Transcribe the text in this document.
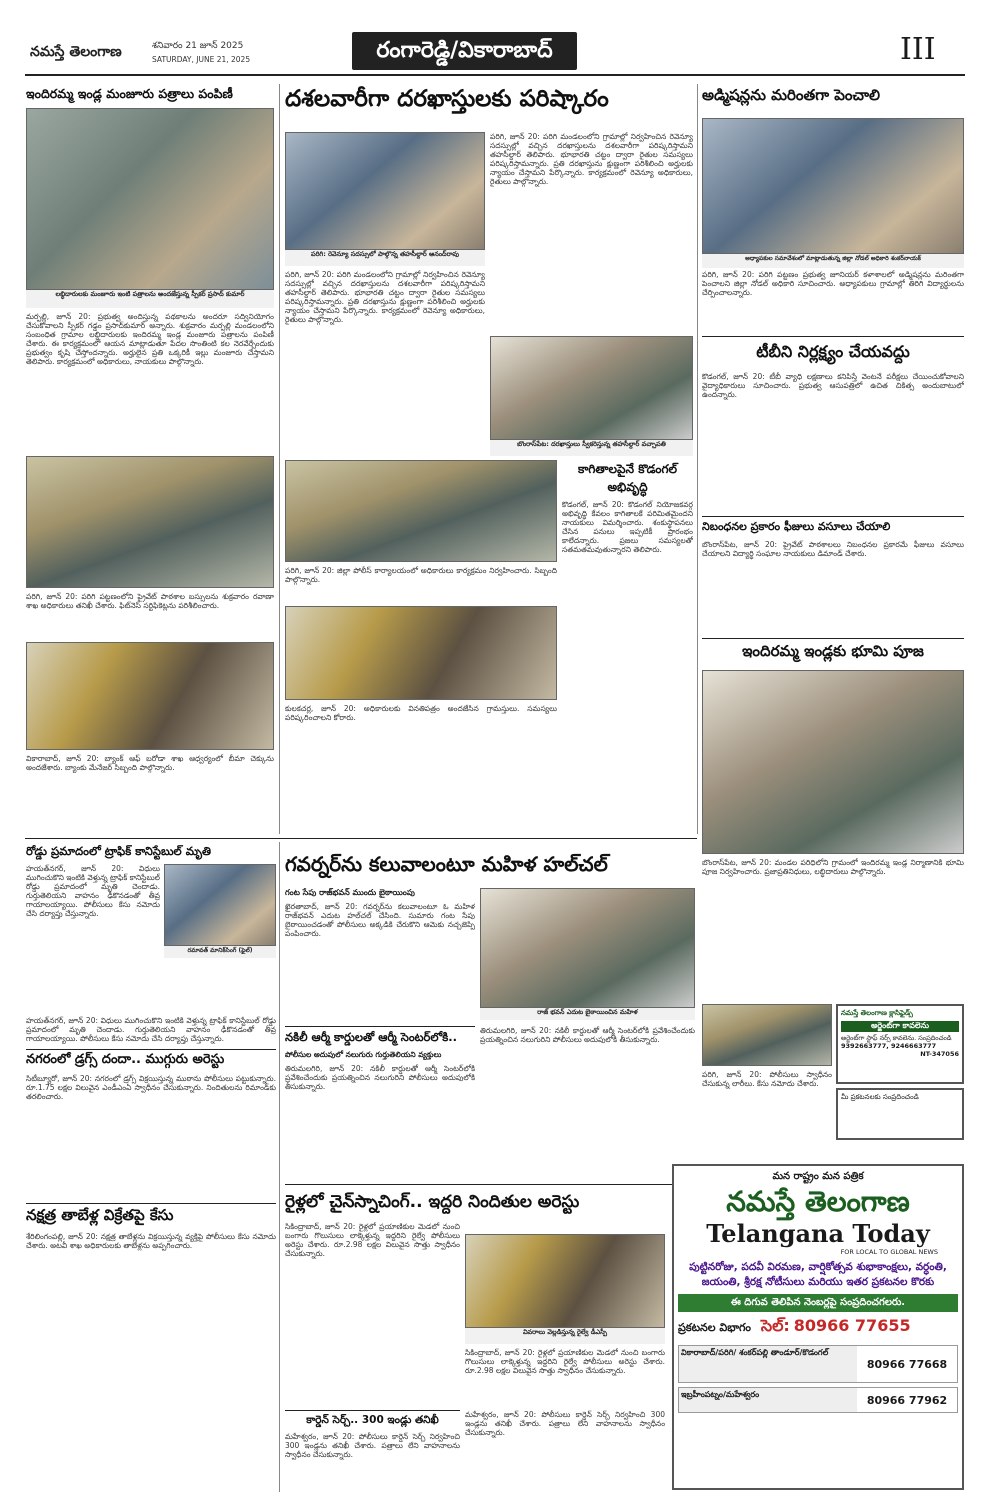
నమస్తే తెలంగాణ	శనివారం 21 జూన్ 2025
SATURDAY, JUNE 21, 2025	రంగారెడ్డి/వికారాబాద్	III
ఇందిరమ్మ ఇండ్ల మంజూరు పత్రాలు పంపిణీ
లబ్ధిదారులకు మంజూరు ఇంటి పత్రాలను అందజేస్తున్న స్పీకర్ ప్రసాద్ కుమార్
మర్పల్లి, జూన్ 20: ప్రభుత్వ అందిస్తున్న పథకాలను అందరూ సద్వినియోగం చేసుకోవాలని స్పీకర్ గడ్డం ప్రసాద్‌కుమార్ అన్నారు. శుక్రవారం మర్పల్లి మండలంలోని సంబంధిత గ్రామాల లబ్ధిదారులకు ఇందిరమ్మ ఇండ్ల మంజూరు పత్రాలను పంపిణీ చేశారు. ఈ కార్యక్రమంలో ఆయన మాట్లాడుతూ పేదల సొంతింటి కల నెరవేర్చేందుకు ప్రభుత్వం కృషి చేస్తోందన్నారు. అర్హులైన ప్రతి ఒక్కరికీ ఇల్లు మంజూరు చేస్తామని తెలిపారు. కార్యక్రమంలో అధికారులు, నాయకులు పాల్గొన్నారు.
పరిగి, జూన్ 20: పరిగి పట్టణంలోని ప్రైవేట్ పాఠశాల బస్సులను శుక్రవారం రవాణా శాఖ అధికారులు తనిఖీ చేశారు. ఫిట్‌నెస్ సర్టిఫికెట్లను పరిశీలించారు.
వికారాబాద్, జూన్ 20: బ్యాంక్ ఆఫ్ బరోడా శాఖ ఆధ్వర్యంలో బీమా చెక్కును అందజేశారు. బ్యాంకు మేనేజర్ సిబ్బంది పాల్గొన్నారు.
దశలవారీగా దరఖాస్తులకు పరిష్కారం
పరిగి: రెవెన్యూ సదస్సులో పాల్గొన్న తహసీల్దార్ ఆనంద్‌రావు
పరిగి, జూన్ 20: పరిగి మండలంలోని గ్రామాల్లో నిర్వహించిన రెవెన్యూ సదస్సుల్లో వచ్చిన దరఖాస్తులను దశలవారీగా పరిష్కరిస్తామని తహసీల్దార్ తెలిపారు. భూభారతి చట్టం ద్వారా రైతుల సమస్యలు పరిష్కరిస్తామన్నారు. ప్రతి దరఖాస్తును క్షుణ్ణంగా పరిశీలించి అర్హులకు న్యాయం చేస్తామని పేర్కొన్నారు. కార్యక్రమంలో రెవెన్యూ అధికారులు, రైతులు పాల్గొన్నారు.
పరిగి, జూన్ 20: పరిగి మండలంలోని గ్రామాల్లో నిర్వహించిన రెవెన్యూ సదస్సుల్లో వచ్చిన దరఖాస్తులను దశలవారీగా పరిష్కరిస్తామని తహసీల్దార్ తెలిపారు. భూభారతి చట్టం ద్వారా రైతుల సమస్యలు పరిష్కరిస్తామన్నారు. ప్రతి దరఖాస్తును క్షుణ్ణంగా పరిశీలించి అర్హులకు న్యాయం చేస్తామని పేర్కొన్నారు. కార్యక్రమంలో రెవెన్యూ అధికారులు, రైతులు పాల్గొన్నారు.
బొంరాస్‌పేట: దరఖాస్తులు స్వీకరిస్తున్న తహసీల్దార్ వచ్చాపతి
పరిగి, జూన్ 20: జిల్లా పోలీస్ కార్యాలయంలో అధికారులు కార్యక్రమం నిర్వహించారు. సిబ్బంది పాల్గొన్నారు.
కులకచర్ల, జూన్ 20: అధికారులకు వినతిపత్రం అందజేసిన గ్రామస్తులు. సమస్యలు పరిష్కరించాలని కోరారు.
కాగితాలపైనే కొడంగల్ అభివృద్ధి
కొడంగల్, జూన్ 20: కొడంగల్ నియోజకవర్గ అభివృద్ధి కేవలం కాగితాలకే పరిమితమైందని నాయకులు విమర్శించారు. శంకుస్థాపనలు చేసిన పనులు ఇప్పటికీ ప్రారంభం కాలేదన్నారు. ప్రజలు సమస్యలతో సతమతమవుతున్నారని తెలిపారు.
అడ్మిషన్లను మరింతగా పెంచాలి
అధ్యాపకుల సమావేశంలో మాట్లాడుతున్న జిల్లా నోడల్ అధికారి శంకర్‌నాయక్
పరిగి, జూన్ 20: పరిగి పట్టణం ప్రభుత్వ జూనియర్ కళాశాలలో అడ్మిషన్లను మరింతగా పెంచాలని జిల్లా నోడల్ అధికారి సూచించారు. అధ్యాపకులు గ్రామాల్లో తిరిగి విద్యార్థులను చేర్పించాలన్నారు.
టీబీని నిర్లక్ష్యం చేయవద్దు
కొడంగల్, జూన్ 20: టీబీ వ్యాధి లక్షణాలు కనిపిస్తే వెంటనే పరీక్షలు చేయించుకోవాలని వైద్యాధికారులు సూచించారు. ప్రభుత్వ ఆసుపత్రిలో ఉచిత చికిత్స అందుబాటులో ఉందన్నారు.
నిబంధనల ప్రకారం ఫీజులు వసూలు చేయాలి
బొంరాస్‌పేట, జూన్ 20: ప్రైవేట్ పాఠశాలలు నిబంధనల ప్రకారమే ఫీజులు వసూలు చేయాలని విద్యార్థి సంఘాల నాయకులు డిమాండ్ చేశారు.
ఇందిరమ్మ ఇండ్లకు భూమి పూజ
బొంరాస్‌పేట, జూన్ 20: మండల పరిధిలోని గ్రామంలో ఇందిరమ్మ ఇండ్ల నిర్మాణానికి భూమి పూజ నిర్వహించారు. ప్రజాప్రతినిధులు, లబ్ధిదారులు పాల్గొన్నారు.
పరిగి, జూన్ 20: పోలీసులు స్వాధీనం చేసుకున్న లారీలు. కేసు నమోదు చేశారు.
నమస్తే తెలంగాణ క్లాసిఫైడ్స్
అర్జెంట్‌గా కావలెను
అర్జెంట్‌గా స్టాఫ్ నర్స్ కావలెను. సంప్రదించండి
9392663777, 9246663777
NT-347056
మీ ప్రకటనలకు సంప్రదించండి
రోడ్డు ప్రమాదంలో ట్రాఫిక్ కానిస్టేబుల్ మృతి
హయత్‌నగర్, జూన్ 20: విధులు ముగించుకొని ఇంటికి వెళ్తున్న ట్రాఫిక్ కానిస్టేబుల్ రోడ్డు ప్రమాదంలో మృతి చెందాడు. గుర్తుతెలియని వాహనం ఢీకొనడంతో తీవ్ర గాయాలయ్యాయి. పోలీసులు కేసు నమోదు చేసి దర్యాప్తు చేస్తున్నారు.
రమావత్ మానిక్‌సింగ్ (ఫైల్)
హయత్‌నగర్, జూన్ 20: విధులు ముగించుకొని ఇంటికి వెళ్తున్న ట్రాఫిక్ కానిస్టేబుల్ రోడ్డు ప్రమాదంలో మృతి చెందాడు. గుర్తుతెలియని వాహనం ఢీకొనడంతో తీవ్ర గాయాలయ్యాయి. పోలీసులు కేసు నమోదు చేసి దర్యాప్తు చేస్తున్నారు.
నగరంలో డ్రగ్స్ దందా.. ముగ్గురు అరెస్టు
సిటీబ్యూరో, జూన్ 20: నగరంలో డ్రగ్స్ విక్రయిస్తున్న ముఠాను పోలీసులు పట్టుకున్నారు. రూ.1.75 లక్షల విలువైన ఎండీఎంఏ స్వాధీనం చేసుకున్నారు. నిందితులను రిమాండ్‌కు తరలించారు.
నక్షత్ర తాబేళ్ల విక్రేతపై కేసు
శేరిలింగంపల్లి, జూన్ 20: నక్షత్ర తాబేళ్లను విక్రయిస్తున్న వ్యక్తిపై పోలీసులు కేసు నమోదు చేశారు. అటవీ శాఖ అధికారులకు తాబేళ్లను అప్పగించారు.
గవర్నర్‌ను కలువాలంటూ మహిళ హల్‌చల్
గంట సేపు రాజ్‌భవన్ ముందు బైఠాయింపు
ఖైరతాబాద్, జూన్ 20: గవర్నర్‌ను కలువాలంటూ ఓ మహిళ రాజ్‌భవన్ ఎదుట హల్‌చల్ చేసింది. సుమారు గంట సేపు బైఠాయించడంతో పోలీసులు అక్కడికి చేరుకొని ఆమెకు నచ్చజెప్పి పంపించారు.
రాజ్ భవన్ ఎదుట బైఠాయించిన మహిళ
నకిలీ ఆర్మీ కార్డులతో ఆర్మీ సెంటర్‌లోకి..
పోలీసుల అదుపులో నలుగురు గుర్తుతెలియని వ్యక్తులు
తిరుమలగిరి, జూన్ 20: నకిలీ కార్డులతో ఆర్మీ సెంటర్‌లోకి ప్రవేశించేందుకు ప్రయత్నించిన నలుగురిని పోలీసులు అదుపులోకి తీసుకున్నారు.
తిరుమలగిరి, జూన్ 20: నకిలీ కార్డులతో ఆర్మీ సెంటర్‌లోకి ప్రవేశించేందుకు ప్రయత్నించిన నలుగురిని పోలీసులు అదుపులోకి తీసుకున్నారు.
రైళ్లలో చైన్‌స్నాచింగ్.. ఇద్దరి నిందితుల అరెస్టు
సికింద్రాబాద్, జూన్ 20: రైళ్లలో ప్రయాణికుల మెడలో నుంచి బంగారు గొలుసులు లాక్కెళ్తున్న ఇద్దరిని రైల్వే పోలీసులు అరెస్టు చేశారు. రూ.2.98 లక్షల విలువైన సొత్తు స్వాధీనం చేసుకున్నారు.
వివరాలు వెల్లడిస్తున్న రైల్వే డీఎస్పీ
సికింద్రాబాద్, జూన్ 20: రైళ్లలో ప్రయాణికుల మెడలో నుంచి బంగారు గొలుసులు లాక్కెళ్తున్న ఇద్దరిని రైల్వే పోలీసులు అరెస్టు చేశారు. రూ.2.98 లక్షల విలువైన సొత్తు స్వాధీనం చేసుకున్నారు.
కార్డెన్ సెర్చ్.. 300 ఇండ్లు తనిఖీ
మహేశ్వరం, జూన్ 20: పోలీసులు కార్డెన్ సెర్చ్ నిర్వహించి 300 ఇండ్లను తనిఖీ చేశారు. పత్రాలు లేని వాహనాలను స్వాధీనం చేసుకున్నారు.
మహేశ్వరం, జూన్ 20: పోలీసులు కార్డెన్ సెర్చ్ నిర్వహించి 300 ఇండ్లను తనిఖీ చేశారు. పత్రాలు లేని వాహనాలను స్వాధీనం చేసుకున్నారు.
మన రాష్ట్రం మన పత్రిక
నమస్తే తెలంగాణ
Telangana Today
FOR LOCAL TO GLOBAL NEWS
పుట్టినరోజు, పదవీ విరమణ, వార్షికోత్సవ శుభాకాంక్షలు, వర్ధంతి, జయంతి, శ్రీరక్ష నోటీసులు మరియు ఇతర ప్రకటనల కొరకు
ఈ దిగువ తెలిపిన నెంబర్లపై సంప్రదించగలరు.
ప్రకటనల విభాగం సెల్: 80966 77655
వికారాబాద్/పరిగి/ శంకర్‌పల్లి తాండూర్/కొడంగల్
80966 77668
ఇబ్రహీంపట్నం/మహేశ్వరం	80966 77962
